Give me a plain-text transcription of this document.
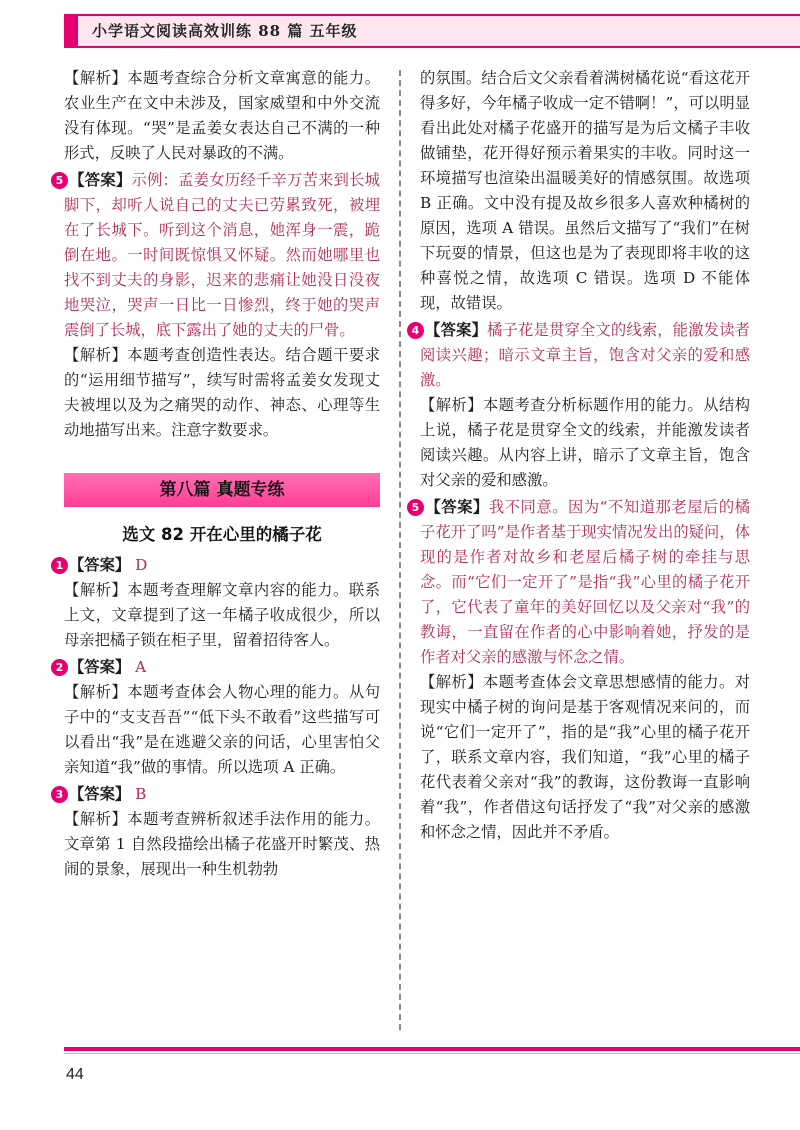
小学语文阅读高效训练 88 篇 五年级

【解析】本题考查综合分析文章寓意的能力。农业生产在文中未涉及，国家威望和中外交流没有体现。“哭”是孟姜女表达自己不满的一种形式，反映了人民对暴政的不满。

5 【答案】示例：孟姜女历经千辛万苦来到长城脚下，却听人说自己的丈夫已劳累致死，被埋在了长城下。听到这个消息，她浑身一震，跪倒在地。一时间既惊惧又怀疑。然而她哪里也找不到丈夫的身影，迟来的悲痛让她没日没夜地哭泣，哭声一日比一日惨烈，终于她的哭声震倒了长城，底下露出了她的丈夫的尸骨。

【解析】本题考查创造性表达。结合题干要求的“运用细节描写”，续写时需将孟姜女发现丈夫被埋以及为之痛哭的动作、神态、心理等生动地描写出来。注意字数要求。

第八篇 真题专练
选文 82 开在心里的橘子花

1 【答案】 D

【解析】本题考查理解文章内容的能力。联系上文，文章提到了这一年橘子收成很少，所以母亲把橘子锁在柜子里，留着招待客人。

2 【答案】 A

【解析】本题考查体会人物心理的能力。从句子中的“支支吾吾”“低下头不敢看”这些描写可以看出“我”是在逃避父亲的问话，心里害怕父亲知道“我”做的事情。所以选项 A 正确。

3 【答案】 B

【解析】本题考查辨析叙述手法作用的能力。文章第 1 自然段描绘出橘子花盛开时繁茂、热闹的景象，展现出一种生机勃勃

的氛围。结合后文父亲看着满树橘花说“看这花开得多好，今年橘子收成一定不错啊！”，可以明显看出此处对橘子花盛开的描写是为后文橘子丰收做铺垫，花开得好预示着果实的丰收。同时这一环境描写也渲染出温暖美好的情感氛围。故选项 B 正确。文中没有提及故乡很多人喜欢种橘树的原因，选项 A 错误。虽然后文描写了“我们”在树下玩耍的情景，但这也是为了表现即将丰收的这种喜悦之情，故选项 C 错误。选项 D 不能体现，故错误。

4 【答案】橘子花是贯穿全文的线索，能激发读者阅读兴趣；暗示文章主旨，饱含对父亲的爱和感激。

【解析】本题考查分析标题作用的能力。从结构上说，橘子花是贯穿全文的线索，并能激发读者阅读兴趣。从内容上讲，暗示了文章主旨，饱含对父亲的爱和感激。

5 【答案】我不同意。因为“不知道那老屋后的橘子花开了吗”是作者基于现实情况发出的疑问，体现的是作者对故乡和老屋后橘子树的牵挂与思念。而“它们一定开了”是指“我”心里的橘子花开了，它代表了童年的美好回忆以及父亲对“我”的教诲，一直留在作者的心中影响着她，抒发的是作者对父亲的感激与怀念之情。

【解析】本题考查体会文章思想感情的能力。对现实中橘子树的询问是基于客观情况来问的，而说“它们一定开了”，指的是“我”心里的橘子花开了，联系文章内容，我们知道，“我”心里的橘子花代表着父亲对“我”的教诲，这份教诲一直影响着“我”，作者借这句话抒发了“我”对父亲的感激和怀念之情，因此并不矛盾。

44
